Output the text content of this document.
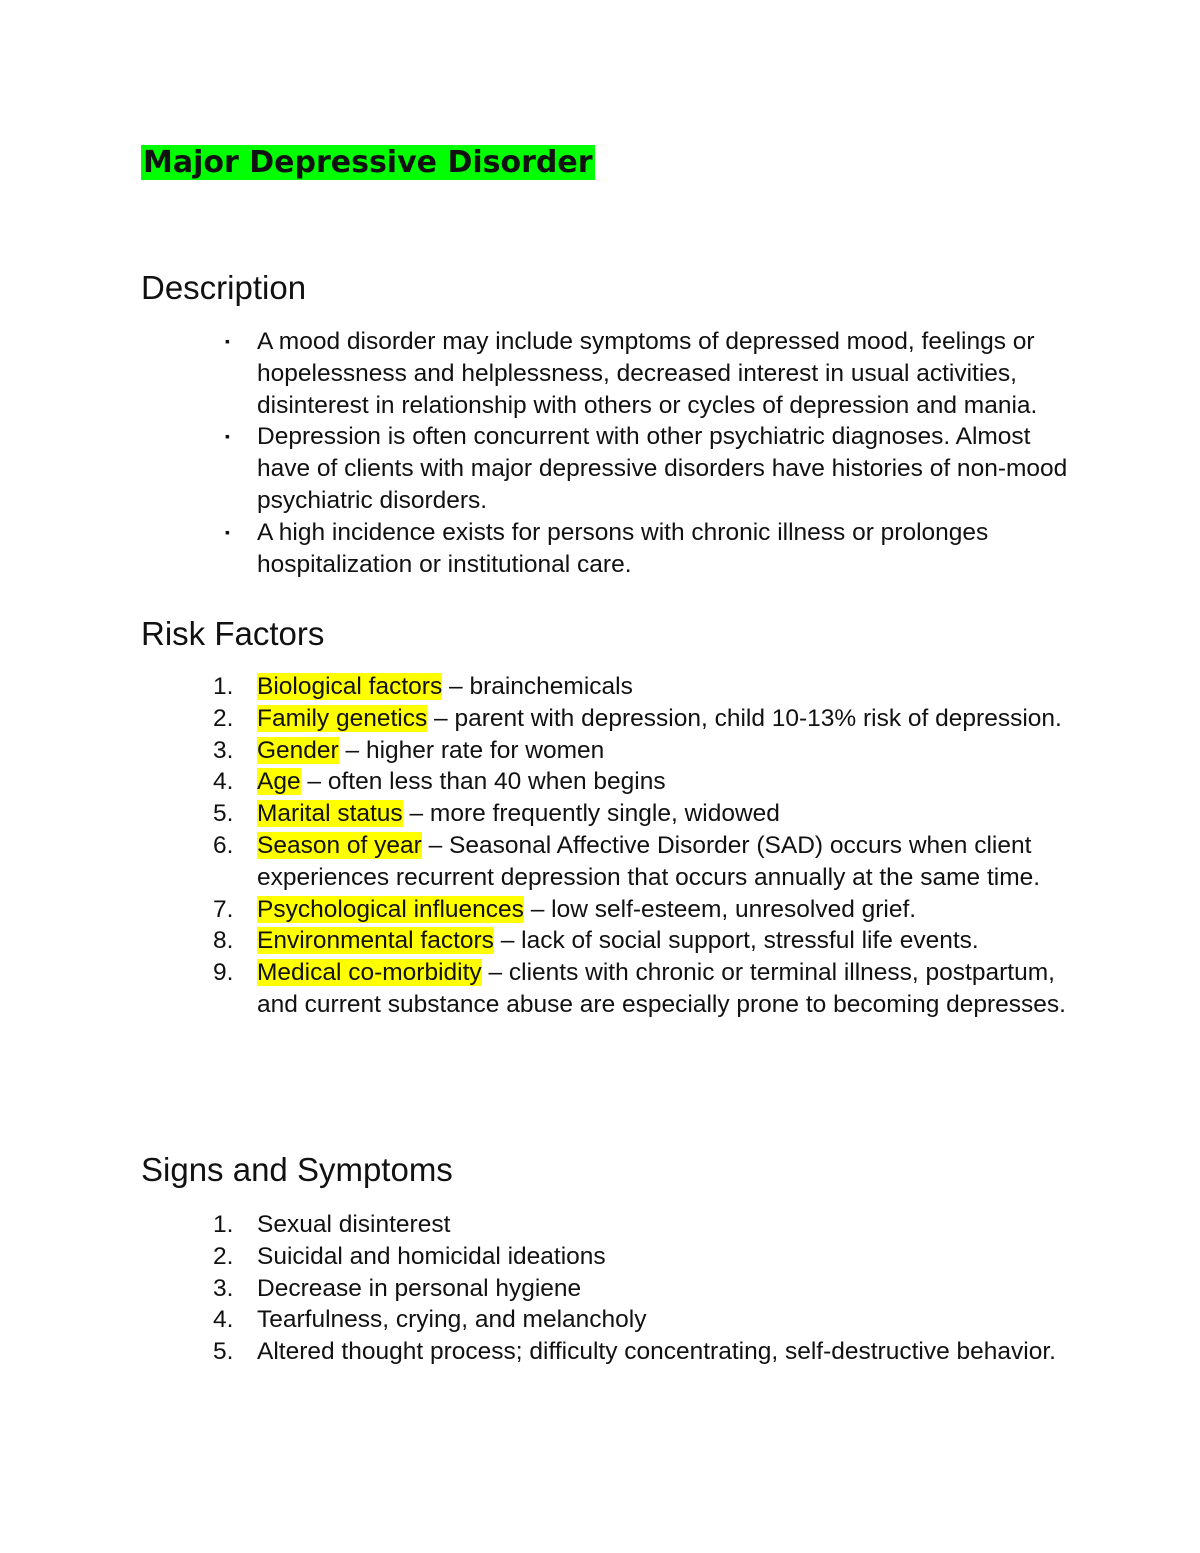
Major Depressive Disorder
Description
▪	A mood disorder may include symptoms of depressed mood, feelings or hopelessness and helplessness, decreased interest in usual activities, disinterest in relationship with others or cycles of depression and mania.
▪	Depression is often concurrent with other psychiatric diagnoses. Almost have of clients with major depressive disorders have histories of non-mood psychiatric disorders.
▪	A high incidence exists for persons with chronic illness or prolonges hospitalization or institutional care.
Risk Factors
1. Biological factors – brainchemicals
2. Family genetics – parent with depression, child 10-13% risk of depression.
3. Gender – higher rate for women
4. Age – often less than 40 when begins
5. Marital status – more frequently single, widowed
6. Season of year – Seasonal Affective Disorder (SAD) occurs when client experiences recurrent depression that occurs annually at the same time.
7. Psychological influences – low self-esteem, unresolved grief.
8. Environmental factors – lack of social support, stressful life events.
9. Medical co-morbidity – clients with chronic or terminal illness, postpartum, and current substance abuse are especially prone to becoming depresses.
Signs and Symptoms
1. Sexual disinterest
2. Suicidal and homicidal ideations
3. Decrease in personal hygiene
4. Tearfulness, crying, and melancholy
5. Altered thought process; difficulty concentrating, self-destructive behavior.
